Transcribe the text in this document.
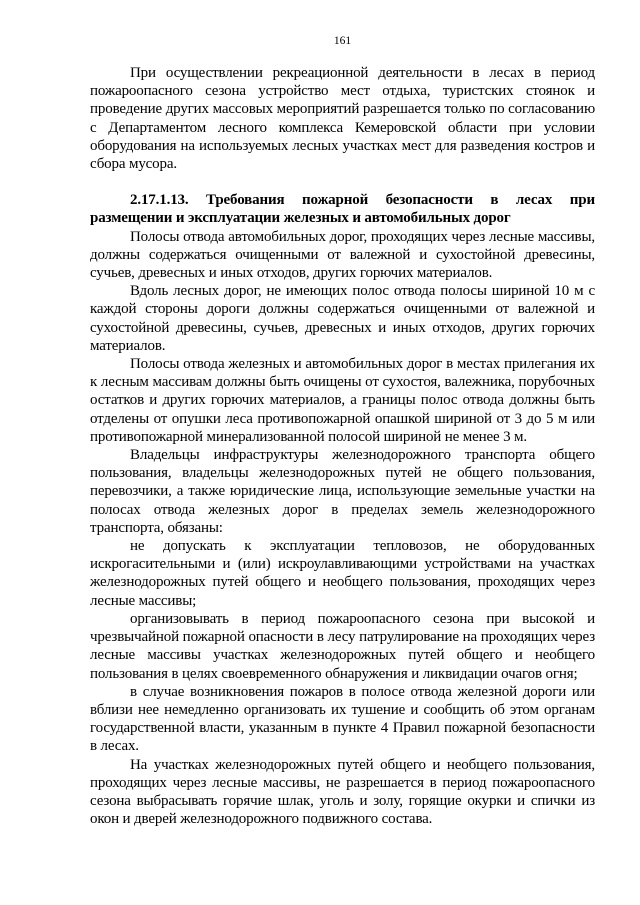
161

При осуществлении рекреационной деятельности в лесах в период пожароопасного сезона устройство мест отдыха, туристских стоянок и проведение других массовых мероприятий разрешается только по согласованию с Департаментом лесного комплекса Кемеровской области при условии оборудования на используемых лесных участках мест для разведения костров и сбора мусора.

2.17.1.13. Требования пожарной безопасности в лесах при размещении и эксплуатации железных и автомобильных дорог

Полосы отвода автомобильных дорог, проходящих через лесные массивы, должны содержаться очищенными от валежной и сухостойной древесины, сучьев, древесных и иных отходов, других горючих материалов.

Вдоль лесных дорог, не имеющих полос отвода полосы шириной 10 м с каждой стороны дороги должны содержаться очищенными от валежной и сухостойной древесины, сучьев, древесных и иных отходов, других горючих материалов.

Полосы отвода железных и автомобильных дорог в местах прилегания их к лесным массивам должны быть очищены от сухостоя, валежника, порубочных остатков и других горючих материалов, а границы полос отвода должны быть отделены от опушки леса противопожарной опашкой шириной от 3 до 5 м или противопожарной минерализованной полосой шириной не менее 3 м.

Владельцы инфраструктуры железнодорожного транспорта общего пользования, владельцы железнодорожных путей не общего пользования, перевозчики, а также юридические лица, использующие земельные участки на полосах отвода железных дорог в пределах земель железнодорожного транспорта, обязаны:

не допускать к эксплуатации тепловозов, не оборудованных искрогасительными и (или) искроулавливающими устройствами на участках железнодорожных путей общего и необщего пользования, проходящих через лесные массивы;

организовывать в период пожароопасного сезона при высокой и чрезвычайной пожарной опасности в лесу патрулирование на проходящих через лесные массивы участках железнодорожных путей общего и необщего пользования в целях своевременного обнаружения и ликвидации очагов огня;

в случае возникновения пожаров в полосе отвода железной дороги или вблизи нее немедленно организовать их тушение и сообщить об этом органам государственной власти, указанным в пункте 4 Правил пожарной безопасности в лесах.

На участках железнодорожных путей общего и необщего пользования, проходящих через лесные массивы, не разрешается в период пожароопасного сезона выбрасывать горячие шлак, уголь и золу, горящие окурки и спички из окон и дверей железнодорожного подвижного состава.
